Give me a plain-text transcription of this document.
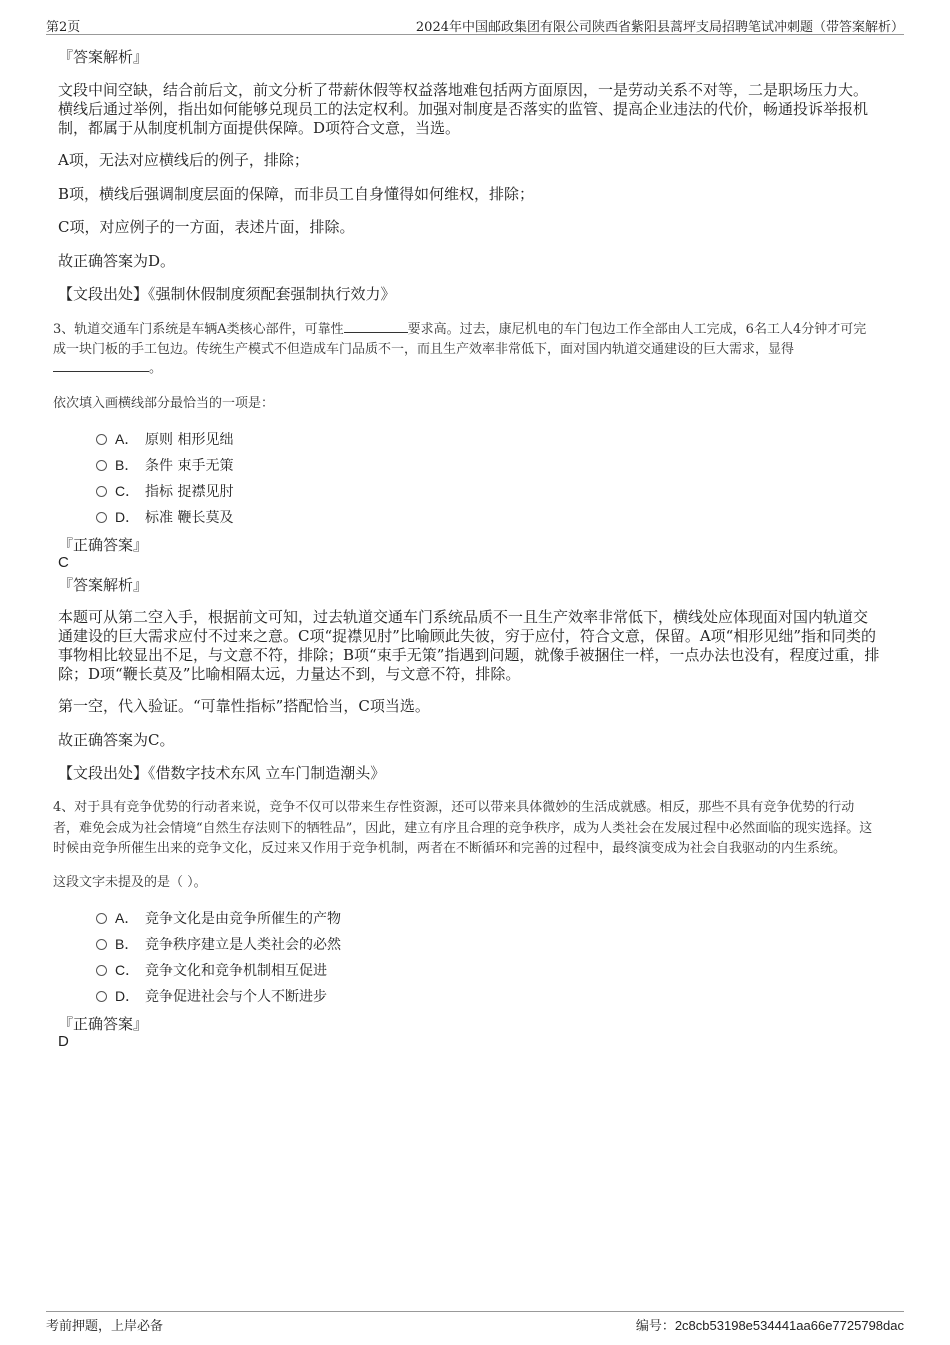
第2页	2024年中国邮政集团有限公司陕西省紫阳县蒿坪支局招聘笔试冲刺题（带答案解析）
『答案解析』
文段中间空缺，结合前后文，前文分析了带薪休假等权益落地难包括两方面原因，一是劳动关系不对等，二是职场压力大。
横线后通过举例，指出如何能够兑现员工的法定权利。加强对制度是否落实的监管、提高企业违法的代价，畅通投诉举报机
制，都属于从制度机制方面提供保障。D项符合文意，当选。
A项，无法对应横线后的例子，排除；
B项，横线后强调制度层面的保障，而非员工自身懂得如何维权，排除；
C项，对应例子的一方面，表述片面，排除。
故正确答案为D。
【文段出处】《强制休假制度须配套强制执行效力》
3、轨道交通车门系统是车辆A类核心部件，可靠性	要求高。过去，康尼机电的车门包边工作全部由人工完成，6名工人4分钟才可完
成一块门板的手工包边。传统生产模式不但造成车门品质不一，而且生产效率非常低下，面对国内轨道交通建设的巨大需求，显得
。
依次填入画横线部分最恰当的一项是：
A． 原则 相形见绌
B． 条件 束手无策
C． 指标 捉襟见肘
D． 标准 鞭长莫及
『正确答案』
C
『答案解析』
本题可从第二空入手，根据前文可知，过去轨道交通车门系统品质不一且生产效率非常低下，横线处应体现面对国内轨道交
通建设的巨大需求应付不过来之意。C项“捉襟见肘”比喻顾此失彼，穷于应付，符合文意，保留。A项“相形见绌”指和同类的
事物相比较显出不足，与文意不符，排除；B项“束手无策”指遇到问题，就像手被捆住一样，一点办法也没有，程度过重，排
除；D项“鞭长莫及”比喻相隔太远，力量达不到，与文意不符，排除。
第一空，代入验证。“可靠性指标”搭配恰当，C项当选。
故正确答案为C。
【文段出处】《借数字技术东风 立车门制造潮头》
4、对于具有竞争优势的行动者来说，竞争不仅可以带来生存性资源，还可以带来具体微妙的生活成就感。相反，那些不具有竞争优势的行动
者，难免会成为社会情境“自然生存法则下的牺牲品”，因此，建立有序且合理的竞争秩序，成为人类社会在发展过程中必然面临的现实选择。这
时候由竞争所催生出来的竞争文化，反过来又作用于竞争机制，两者在不断循环和完善的过程中，最终演变成为社会自我驱动的内生系统。
这段文字未提及的是（ ）。
A． 竞争文化是由竞争所催生的产物
B． 竞争秩序建立是人类社会的必然
C． 竞争文化和竞争机制相互促进
D． 竞争促进社会与个人不断进步
『正确答案』
D
考前押题，上岸必备	编号：2c8cb53198e534441aa66e7725798dac
